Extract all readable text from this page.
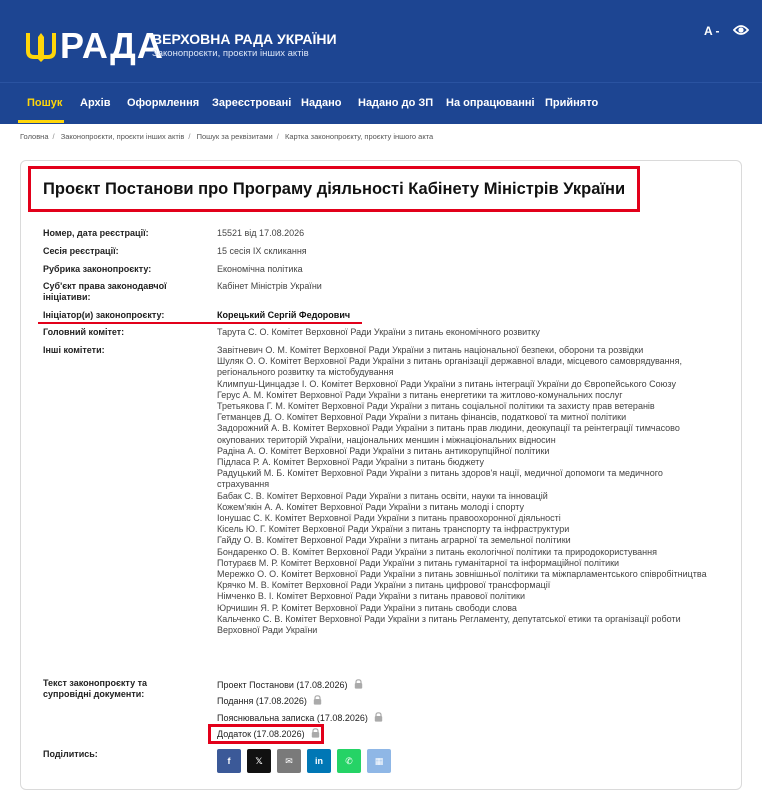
РАДА
ВЕРХОВНА РАДА УКРАЇНИ
Законопроєкти, проєкти інших актів
A -
Пошук Архів Оформлення Зареєстровані Надано Надано до ЗП На опрацюванні Прийнято
Головна / Законопроєкти, проєкти інших актів / Пошук за реквізитами / Картка законопроєкту, проєкту іншого акта
Проєкт Постанови про Програму діяльності Кабінету Міністрів України
Номер, дата реєстрації:	15521 від 17.08.2026
Сесія реєстрації:	15 сесія IX скликання
Рубрика законопроєкту:	Економічна політика
Суб'єкт права законодавчої
ініціативи:
Кабінет Міністрів України
Ініціатор(и) законопроєкту:	Корецький Сергій Федорович
Головний комітет:	Тарута С. О. Комітет Верховної Ради України з питань економічного розвитку
Інші комітети:	Завітневич О. М. Комітет Верховної Ради України з питань національної безпеки, оборони та розвідки
Шуляк О. О. Комітет Верховної Ради України з питань організації державної влади, місцевого самоврядування, регіонального розвитку та містобудування
Климпуш-Цинцадзе І. О. Комітет Верховної Ради України з питань інтеграції України до Європейського Союзу
Герус А. М. Комітет Верховної Ради України з питань енергетики та житлово-комунальних послуг
Третьякова Г. М. Комітет Верховної Ради України з питань соціальної політики та захисту прав ветеранів
Гетманцев Д. О. Комітет Верховної Ради України з питань фінансів, податкової та митної політики
Задорожний А. В. Комітет Верховної Ради України з питань прав людини, деокупації та реінтеграції тимчасово окупованих територій України, національних меншин і міжнаціональних відносин
Радіна А. О. Комітет Верховної Ради України з питань антикорупційної політики
Підласа Р. А. Комітет Верховної Ради України з питань бюджету
Радуцький М. Б. Комітет Верховної Ради України з питань здоров'я нації, медичної допомоги та медичного страхування
Бабак С. В. Комітет Верховної Ради України з питань освіти, науки та інновацій
Кожем'якін А. А. Комітет Верховної Ради України з питань молоді і спорту
Іонушас С. К. Комітет Верховної Ради України з питань правоохоронної діяльності
Кісель Ю. Г. Комітет Верховної Ради України з питань транспорту та інфраструктури
Гайду О. В. Комітет Верховної Ради України з питань аграрної та земельної політики
Бондаренко О. В. Комітет Верховної Ради України з питань екологічної політики та природокористування
Потураєв М. Р. Комітет Верховної Ради України з питань гуманітарної та інформаційної політики
Мережко О. О. Комітет Верховної Ради України з питань зовнішньої політики та міжпарламентського співробітництва
Крячко М. В. Комітет Верховної Ради України з питань цифрової трансформації
Німченко В. І. Комітет Верховної Ради України з питань правової політики
Юрчишин Я. Р. Комітет Верховної Ради України з питань свободи слова
Кальченко С. В. Комітет Верховної Ради України з питань Регламенту, депутатської етики та організації роботи Верховної Ради України
Текст законопроєкту та
супровідні документи:
Проект Постанови (17.08.2026)
Подання (17.08.2026)
Пояснювальна записка (17.08.2026)
Додаток (17.08.2026)
Поділитись:
f	𝕏	✉ in ✆ ▦
